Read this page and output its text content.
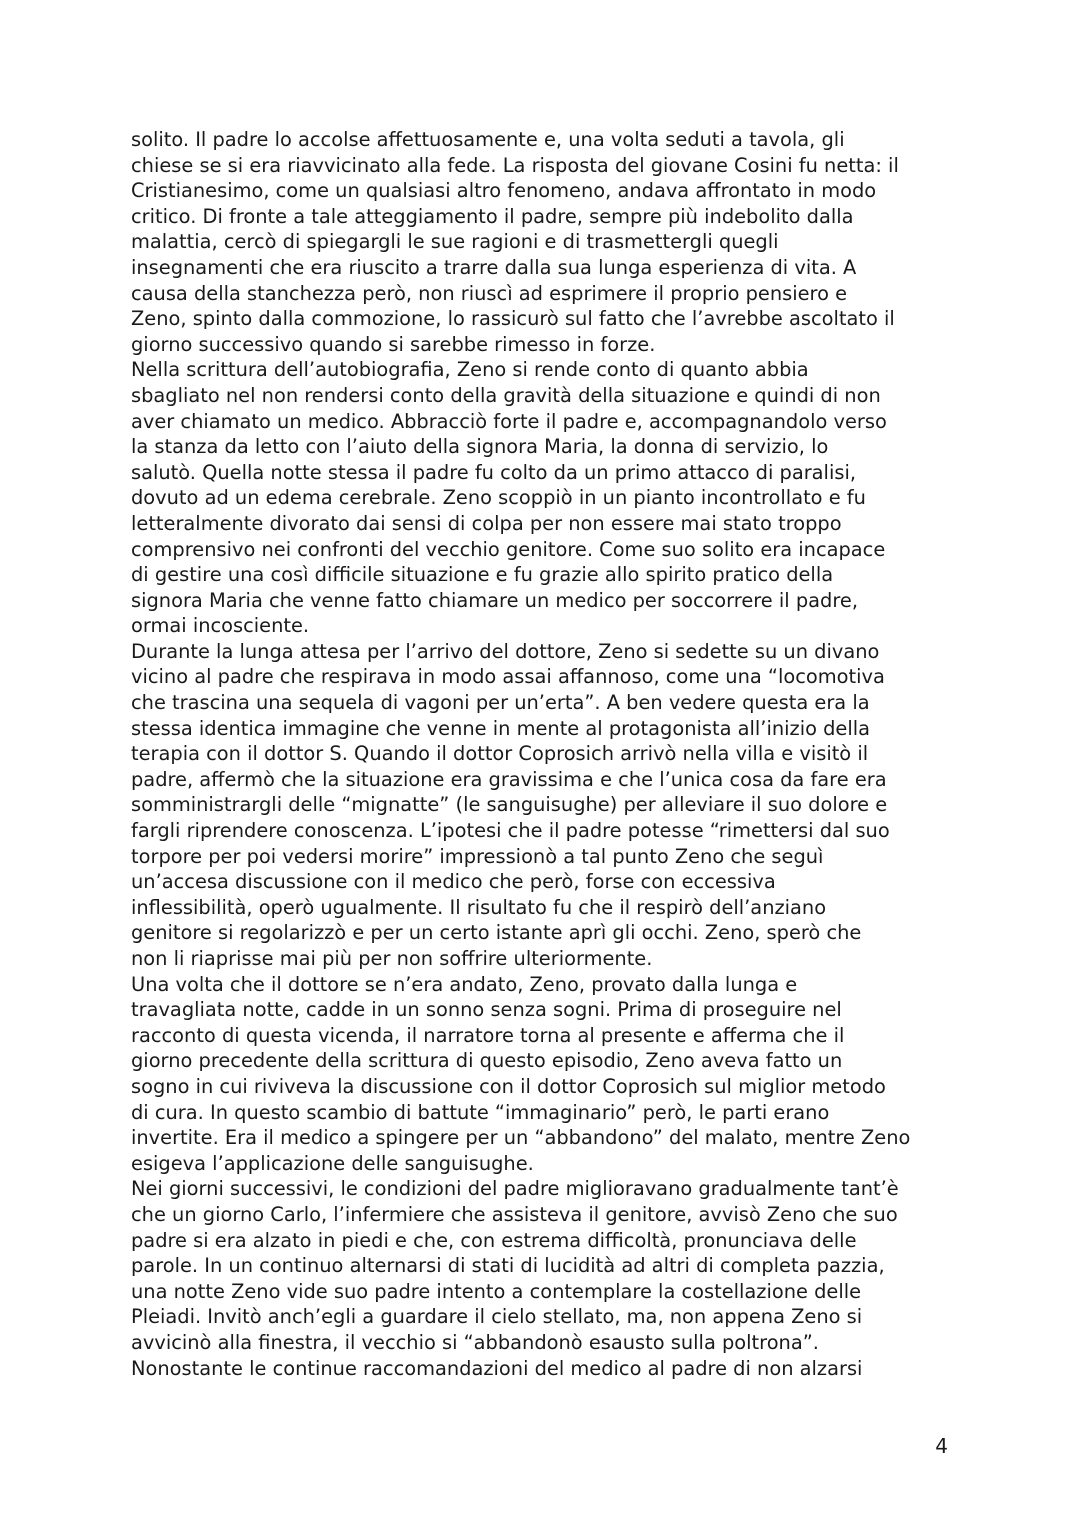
solito. Il padre lo accolse affettuosamente e, una volta seduti a tavola, gli
chiese se si era riavvicinato alla fede. La risposta del giovane Cosini fu netta: il
Cristianesimo, come un qualsiasi altro fenomeno, andava affrontato in modo
critico. Di fronte a tale atteggiamento il padre, sempre più indebolito dalla
malattia, cercò di spiegargli le sue ragioni e di trasmettergli quegli
insegnamenti che era riuscito a trarre dalla sua lunga esperienza di vita. A
causa della stanchezza però, non riuscì ad esprimere il proprio pensiero e
Zeno, spinto dalla commozione, lo rassicurò sul fatto che l’avrebbe ascoltato il
giorno successivo quando si sarebbe rimesso in forze.
Nella scrittura dell’autobiografia, Zeno si rende conto di quanto abbia
sbagliato nel non rendersi conto della gravità della situazione e quindi di non
aver chiamato un medico. Abbracciò forte il padre e, accompagnandolo verso
la stanza da letto con l’aiuto della signora Maria, la donna di servizio, lo
salutò. Quella notte stessa il padre fu colto da un primo attacco di paralisi,
dovuto ad un edema cerebrale. Zeno scoppiò in un pianto incontrollato e fu
letteralmente divorato dai sensi di colpa per non essere mai stato troppo
comprensivo nei confronti del vecchio genitore. Come suo solito era incapace
di gestire una così difficile situazione e fu grazie allo spirito pratico della
signora Maria che venne fatto chiamare un medico per soccorrere il padre,
ormai incosciente.
Durante la lunga attesa per l’arrivo del dottore, Zeno si sedette su un divano
vicino al padre che respirava in modo assai affannoso, come una “locomotiva
che trascina una sequela di vagoni per un’erta”. A ben vedere questa era la
stessa identica immagine che venne in mente al protagonista all’inizio della
terapia con il dottor S. Quando il dottor Coprosich arrivò nella villa e visitò il
padre, affermò che la situazione era gravissima e che l’unica cosa da fare era
somministrargli delle “mignatte” (le sanguisughe) per alleviare il suo dolore e
fargli riprendere conoscenza. L’ipotesi che il padre potesse “rimettersi dal suo
torpore per poi vedersi morire” impressionò a tal punto Zeno che seguì
un’accesa discussione con il medico che però, forse con eccessiva
inflessibilità, operò ugualmente. Il risultato fu che il respirò dell’anziano
genitore si regolarizzò e per un certo istante aprì gli occhi. Zeno, sperò che
non li riaprisse mai più per non soffrire ulteriormente.
Una volta che il dottore se n’era andato, Zeno, provato dalla lunga e
travagliata notte, cadde in un sonno senza sogni. Prima di proseguire nel
racconto di questa vicenda, il narratore torna al presente e afferma che il
giorno precedente della scrittura di questo episodio, Zeno aveva fatto un
sogno in cui riviveva la discussione con il dottor Coprosich sul miglior metodo
di cura. In questo scambio di battute “immaginario” però, le parti erano
invertite. Era il medico a spingere per un “abbandono” del malato, mentre Zeno
esigeva l’applicazione delle sanguisughe.
Nei giorni successivi, le condizioni del padre miglioravano gradualmente tant’è
che un giorno Carlo, l’infermiere che assisteva il genitore, avvisò Zeno che suo
padre si era alzato in piedi e che, con estrema difficoltà, pronunciava delle
parole. In un continuo alternarsi di stati di lucidità ad altri di completa pazzia,
una notte Zeno vide suo padre intento a contemplare la costellazione delle
Pleiadi. Invitò anch’egli a guardare il cielo stellato, ma, non appena Zeno si
avvicinò alla finestra, il vecchio si “abbandonò esausto sulla poltrona”.
Nonostante le continue raccomandazioni del medico al padre di non alzarsi
4
